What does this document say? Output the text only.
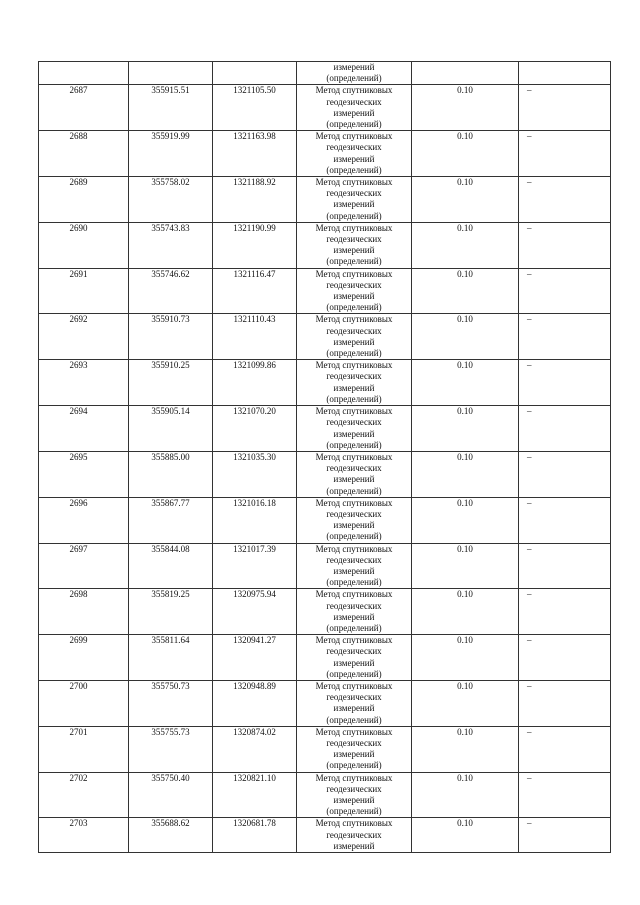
			измерений
(определений)		

2687	355915.51	1321105.50	Метод спутниковых
геодезических
измерений
(определений)	0.10	–
2688	355919.99	1321163.98	Метод спутниковых
геодезических
измерений
(определений)	0.10	–
2689	355758.02	1321188.92	Метод спутниковых
геодезических
измерений
(определений)	0.10	–
2690	355743.83	1321190.99	Метод спутниковых
геодезических
измерений
(определений)	0.10	–
2691	355746.62	1321116.47	Метод спутниковых
геодезических
измерений
(определений)	0.10	–
2692	355910.73	1321110.43	Метод спутниковых
геодезических
измерений
(определений)	0.10	–
2693	355910.25	1321099.86	Метод спутниковых
геодезических
измерений
(определений)	0.10	–
2694	355905.14	1321070.20	Метод спутниковых
геодезических
измерений
(определений)	0.10	–
2695	355885.00	1321035.30	Метод спутниковых
геодезических
измерений
(определений)	0.10	–
2696	355867.77	1321016.18	Метод спутниковых
геодезических
измерений
(определений)	0.10	–
2697	355844.08	1321017.39	Метод спутниковых
геодезических
измерений
(определений)	0.10	–
2698	355819.25	1320975.94	Метод спутниковых
геодезических
измерений
(определений)	0.10	–
2699	355811.64	1320941.27	Метод спутниковых
геодезических
измерений
(определений)	0.10	–
2700	355750.73	1320948.89	Метод спутниковых
геодезических
измерений
(определений)	0.10	–
2701	355755.73	1320874.02	Метод спутниковых
геодезических
измерений
(определений)	0.10	–
2702	355750.40	1320821.10	Метод спутниковых
геодезических
измерений
(определений)	0.10	–
2703	355688.62	1320681.78	Метод спутниковых
геодезических
измерений	0.10	–
